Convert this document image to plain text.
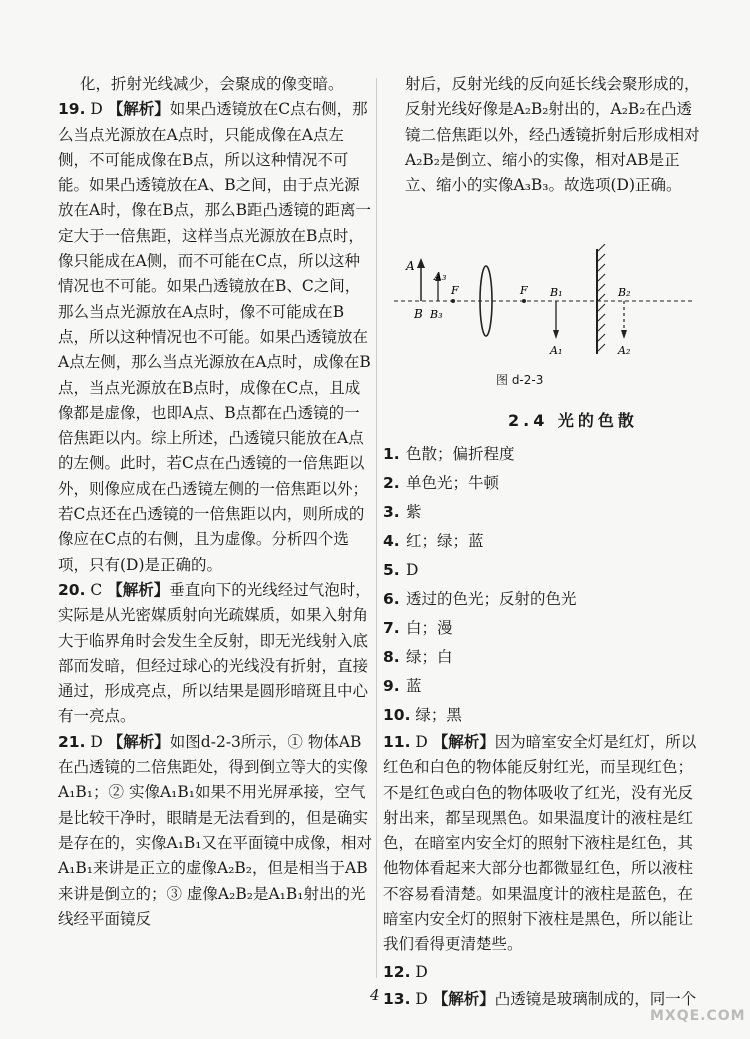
化，折射光线减少，会聚成的像变暗。

19. D 【解析】如果凸透镜放在C点右侧，那么当点光源放在A点时，只能成像在A点左侧，不可能成像在B点，所以这种情况不可能。如果凸透镜放在A、B之间，由于点光源放在A时，像在B点，那么B距凸透镜的距离一定大于一倍焦距，这样当点光源放在B点时，像只能成在A侧，而不可能在C点，所以这种情况也不可能。如果凸透镜放在B、C之间，那么当点光源放在A点时，像不可能成在B点，所以这种情况也不可能。如果凸透镜放在A点左侧，那么当点光源放在A点时，成像在B点，当点光源放在B点时，成像在C点，且成像都是虚像，也即A点、B点都在凸透镜的一倍焦距以内。综上所述，凸透镜只能放在A点的左侧。此时，若C点在凸透镜的一倍焦距以外，则像应成在凸透镜左侧的一倍焦距以外；若C点还在凸透镜的一倍焦距以内，则所成的像应在C点的右侧，且为虚像。分析四个选项，只有(D)是正确的。

20. C 【解析】垂直向下的光线经过气泡时，实际是从光密媒质射向光疏媒质，如果入射角大于临界角时会发生全反射，即无光线射入底部而发暗，但经过球心的光线没有折射，直接通过，形成亮点，所以结果是圆形暗斑且中心有一亮点。

21. D 【解析】如图d-2-3所示，① 物体AB在凸透镜的二倍焦距处，得到倒立等大的实像A₁B₁；② 实像A₁B₁如果不用光屏承接，空气是比较干净时，眼睛是无法看到的，但是确实是存在的，实像A₁B₁又在平面镜中成像，相对A₁B₁来讲是正立的虚像A₂B₂，但是相当于AB来讲是倒立的；③ 虚像A₂B₂是A₁B₁射出的光线经平面镜反

射后，反射光线的反向延长线会聚形成的，反射光线好像是A₂B₂射出的，A₂B₂在凸透镜二倍焦距以外，经凸透镜折射后形成相对A₂B₂是倒立、缩小的实像，相对AB是正立、缩小的实像A₃B₃。故选项(D)正确。

A
A₃
B B₃
F	F B₁
A₁
B₂
A₂
图 d-2-3
2.4 光的色散

1. 色散；偏折程度

2. 单色光；牛顿

3. 紫

4. 红；绿；蓝

5. D

6. 透过的色光；反射的色光

7. 白；漫

8. 绿；白

9. 蓝

10. 绿；黑

11. D 【解析】因为暗室安全灯是红灯，所以红色和白色的物体能反射红光，而呈现红色；不是红色或白色的物体吸收了红光，没有光反射出来，都呈现黑色。如果温度计的液柱是红色，在暗室内安全灯的照射下液柱是红色，其他物体看起来大部分也都微显红色，所以液柱不容易看清楚。如果温度计的液柱是蓝色，在暗室内安全灯的照射下液柱是黑色，所以能让我们看得更清楚些。

12. D

13. D 【解析】凸透镜是玻璃制成的，同一个

4
MXQE.COM
